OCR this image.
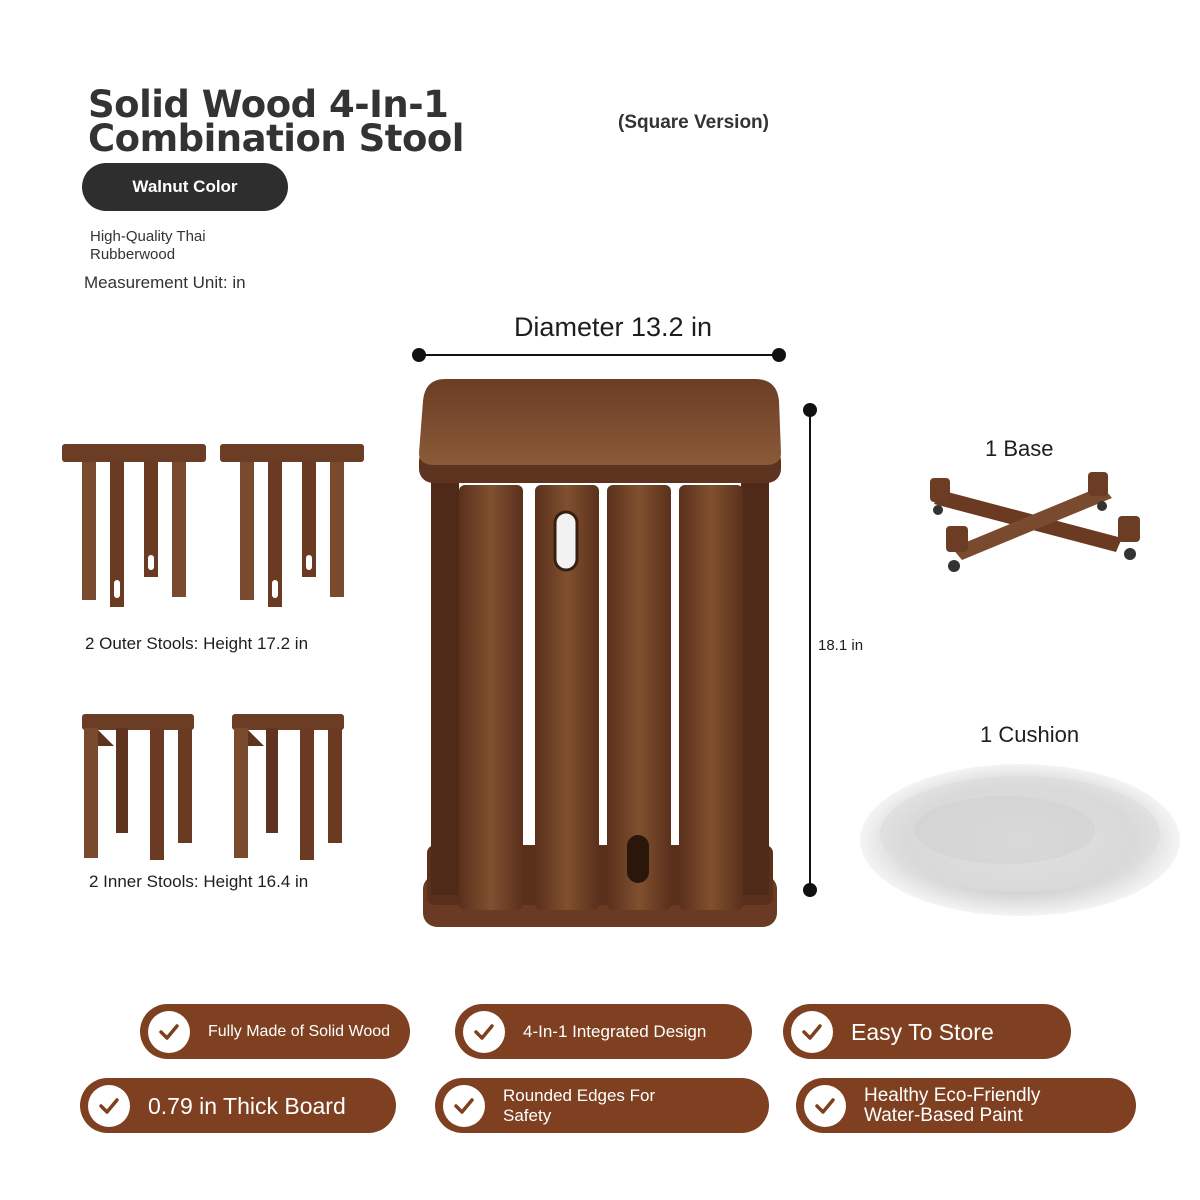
Solid Wood 4-In-1
Combination Stool	(Square Version)
Walnut Color
High-Quality Thai
Rubberwood
Measurement Unit: in
Diameter 13.2 in
18.1 in
2 Outer Stools: Height 17.2 in
2 Inner Stools: Height 16.4 in
1 Base
1 Cushion
Fully Made of Solid Wood	4-In-1 Integrated Design	Easy To Store
0.79 in Thick Board	Rounded Edges For
Safety
Healthy Eco-Friendly
Water-Based Paint
